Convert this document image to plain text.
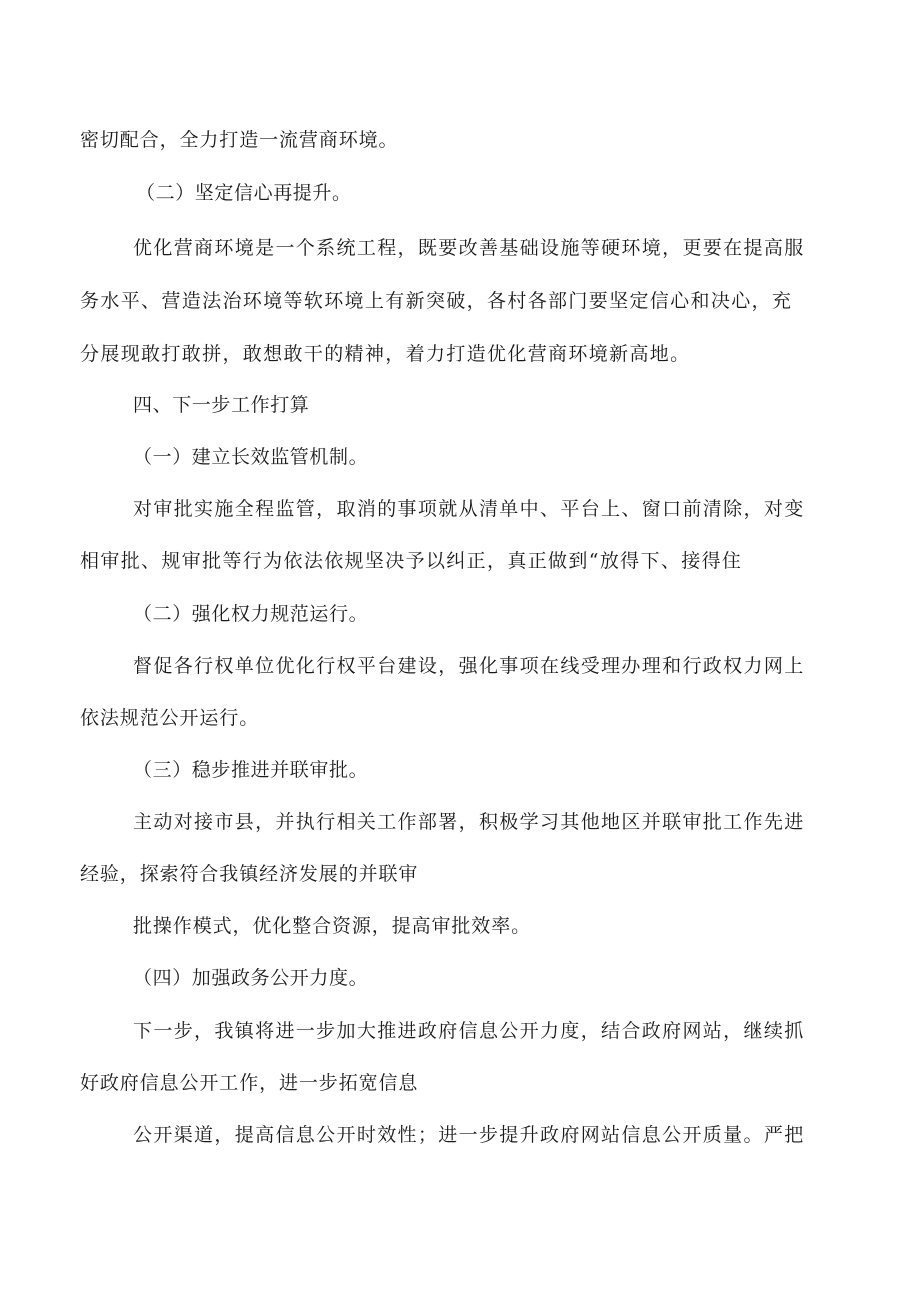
密切配合，全力打造一流营商环境。
（二）坚定信心再提升。
优化营商环境是一个系统工程，既要改善基础设施等硬环境，更要在提高服
务水平、营造法治环境等软环境上有新突破，各村各部门要坚定信心和决心，充
分展现敢打敢拼，敢想敢干的精神，着力打造优化营商环境新高地。
四、下一步工作打算
（一）建立长效监管机制。
对审批实施全程监管，取消的事项就从清单中、平台上、窗口前清除，对变
相审批、规审批等行为依法依规坚决予以纠正，真正做到“放得下、接得住
（二）强化权力规范运行。
督促各行权单位优化行权平台建设，强化事项在线受理办理和行政权力网上
依法规范公开运行。
（三）稳步推进并联审批。
主动对接市县，并执行相关工作部署，积极学习其他地区并联审批工作先进
经验，探索符合我镇经济发展的并联审
批操作模式，优化整合资源，提高审批效率。
（四）加强政务公开力度。
下一步，我镇将进一步加大推进政府信息公开力度，结合政府网站，继续抓
好政府信息公开工作，进一步拓宽信息
公开渠道，提高信息公开时效性；进一步提升政府网站信息公开质量。严把
